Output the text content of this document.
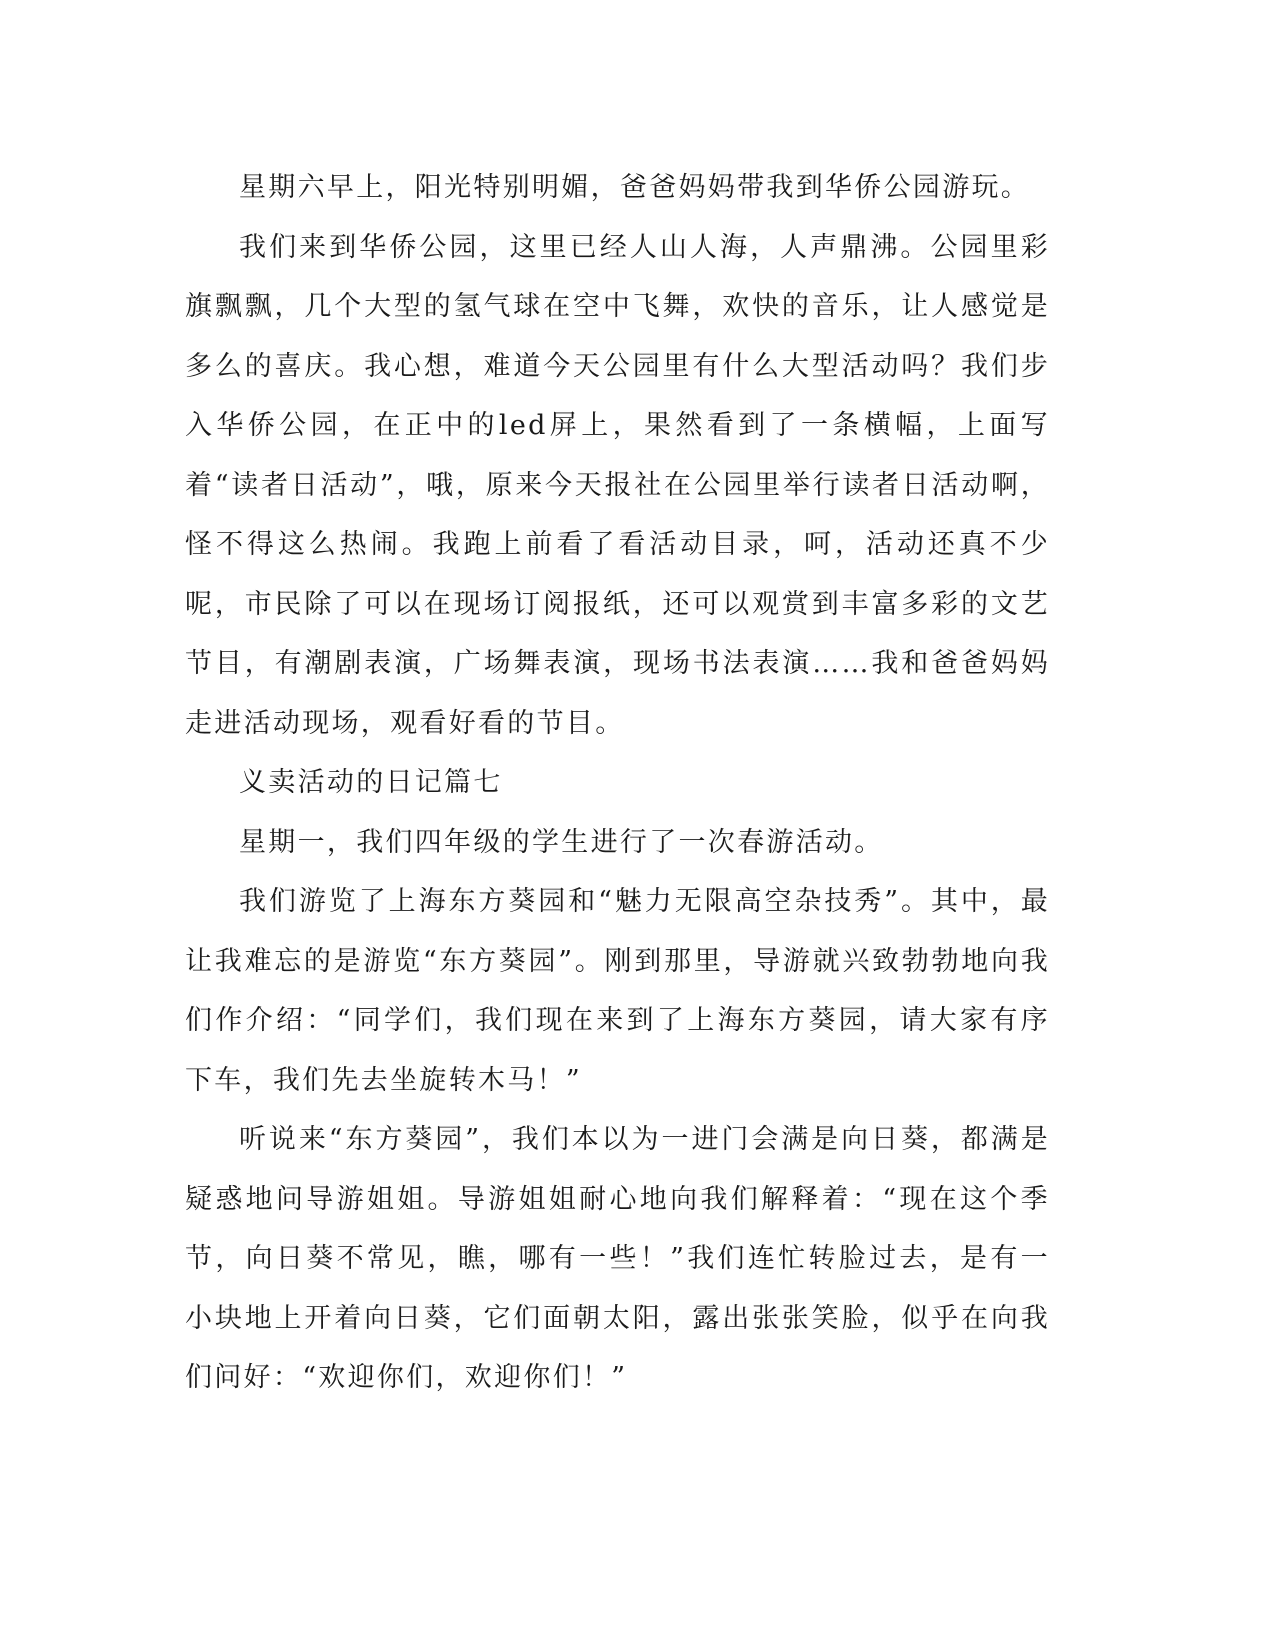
星期六早上，阳光特别明媚，爸爸妈妈带我到华侨公园游玩。

我们来到华侨公园，这里已经人山人海，人声鼎沸。公园里彩旗飘飘，几个大型的氢气球在空中飞舞，欢快的音乐，让人感觉是多么的喜庆。我心想，难道今天公园里有什么大型活动吗？我们步入华侨公园，在正中的led屏上，果然看到了一条横幅，上面写着“读者日活动”，哦，原来今天报社在公园里举行读者日活动啊，怪不得这么热闹。我跑上前看了看活动目录，呵，活动还真不少呢，市民除了可以在现场订阅报纸，还可以观赏到丰富多彩的文艺节目，有潮剧表演，广场舞表演，现场书法表演……我和爸爸妈妈走进活动现场，观看好看的节目。

义卖活动的日记篇七

星期一，我们四年级的学生进行了一次春游活动。

我们游览了上海东方葵园和“魅力无限高空杂技秀”。其中，最让我难忘的是游览“东方葵园”。刚到那里，导游就兴致勃勃地向我们作介绍：“同学们，我们现在来到了上海东方葵园，请大家有序下车，我们先去坐旋转木马！”

听说来“东方葵园”，我们本以为一进门会满是向日葵，都满是疑惑地问导游姐姐。导游姐姐耐心地向我们解释着：“现在这个季节，向日葵不常见，瞧，哪有一些！”我们连忙转脸过去，是有一小块地上开着向日葵，它们面朝太阳，露出张张笑脸，似乎在向我们问好：“欢迎你们，欢迎你们！”
